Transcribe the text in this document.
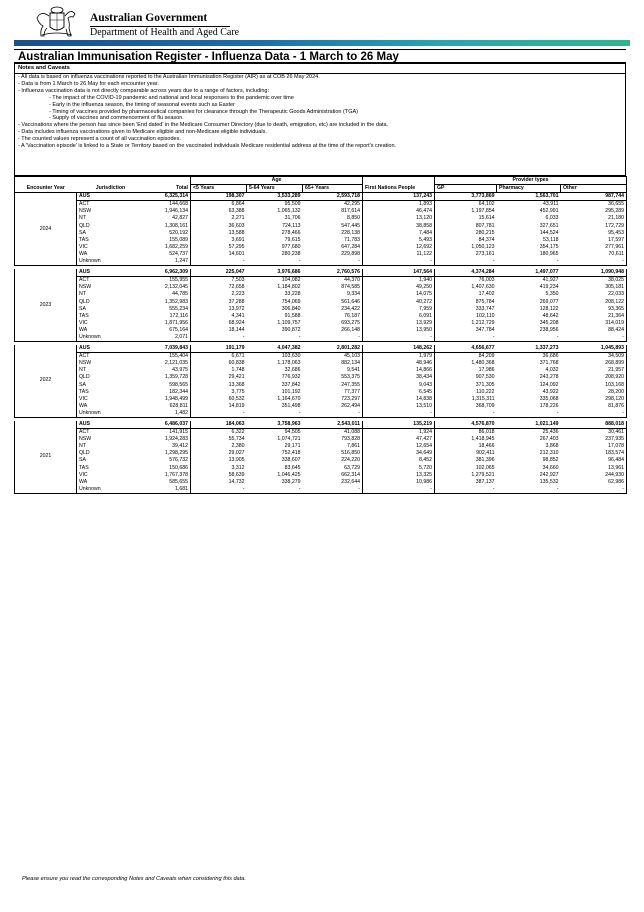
Australian Government
Department of Health and Aged Care
Australian Immunisation Register - Influenza Data - 1 March to 26 May
Notes and Caveats
- All data is based on influenza vaccinations reported to the Australian Immunisation Register (AIR) as at COB 26 May 2024.
- Data is from 1 March to 26 May for each encounter year.
- Influenza vaccination data is not directly comparable across years due to a range of factors, including:
- The impact of the COVID-19 pandemic and national and local responses to the pandemic over time
- Early in the influenza season, the timing of seasonal events such as Easter
- Timing of vaccines provided by pharmaceutical companies for clearance through the Therapeutic Goods Administration (TGA)
- Supply of vaccines and commencement of flu season.
- Vaccinations where the person has since been 'End dated' in the Medicare Consumer Directory (due to death, emigration, etc) are included in the data.
- Data includes influenza vaccinations given to Medicare eligible and non-Medicare eligible individuals.
- The counted values represent a count of all vaccination episodes.
- A 'Vaccination episode' is linked to a State or Territory based on the vaccinated individuals Medicare residential address at the time of the report's creation.
			Age				Provider types		
Encounter Year	Jurisdiction	Total	<5 Years	5-64 Years	65+ Years	First Nations People	GP	Pharmacy	Other
2024	AUS	6,325,314	198,307	3,533,289	2,593,718	137,243	3,773,869	1,563,701	987,744
	ACT	144,668	6,864	95,509	42,295	1,893	64,102	43,911	36,655
	NSW	1,946,134	63,388	1,065,132	817,614	46,474	1,197,854	452,991	295,289
	NT	42,827	2,271	31,706	8,850	13,120	15,614	6,033	21,180
	QLD	1,308,161	36,603	724,113	547,445	38,858	807,781	327,651	172,729
	SA	520,192	13,588	278,466	228,138	7,484	280,215	144,524	95,453
	TAS	155,089	3,691	79,615	71,783	5,493	84,374	53,118	17,597
	VIC	1,682,259	57,295	977,680	647,284	12,692	1,050,123	354,175	277,961
	WA	524,737	14,601	280,238	229,898	11,122	273,161	180,965	70,611
	Unknown	1,247	-	-	-	-	-	-	-

2023	AUS	6,962,309	225,047	3,976,686	2,760,576	147,564	4,374,284	1,497,077	1,090,948
	ACT	155,955	7,503	104,082	44,370	1,940	76,003	41,927	38,025
	NSW	2,132,045	72,658	1,184,802	874,585	49,250	1,407,630	419,234	305,181
	NT	44,785	2,223	33,228	9,334	14,075	17,402	5,350	22,033
	QLD	1,352,983	37,288	754,069	561,646	40,272	875,784	269,077	208,122
	SA	555,234	13,972	306,840	234,422	7,959	333,747	128,122	93,365
	TAS	172,116	4,341	91,588	76,187	6,091	102,110	48,642	21,364
	VIC	1,871,956	68,924	1,109,757	693,275	13,929	1,212,729	345,208	314,019
	WA	675,164	18,144	390,872	266,148	13,950	347,784	238,956	88,424
	Unknown	2,071	-	-	-	-	-	-	-

2022	AUS	7,039,843	191,179	4,047,382	2,801,282	148,262	4,656,677	1,337,273	1,045,893
	ACT	155,404	6,671	103,630	45,103	1,979	84,209	36,686	34,509
	NSW	2,121,035	60,838	1,178,063	882,134	48,946	1,480,368	371,768	268,899
	NT	43,975	1,748	32,686	9,541	14,866	17,986	4,032	21,957
	QLD	1,359,728	29,421	776,932	553,375	38,434	907,530	243,278	208,920
	SA	598,565	13,368	337,842	247,355	9,043	371,305	124,092	103,168
	TAS	182,344	3,775	101,192	77,377	6,545	110,222	43,922	28,200
	VIC	1,948,499	60,532	1,164,670	723,297	14,838	1,315,311	335,068	298,120
	WA	628,811	14,819	351,498	262,494	13,510	368,709	178,226	81,876
	Unknown	1,482	-	-	-	-	-	-	-

2021	AUS	6,486,037	184,063	3,758,963	2,543,011	135,219	4,576,870	1,021,149	888,018
	ACT	141,915	6,322	94,505	41,088	1,924	86,018	25,436	30,461
	NSW	1,924,283	55,734	1,074,721	793,828	47,427	1,418,945	267,403	237,935
	NT	39,412	2,380	29,171	7,861	12,654	18,466	3,868	17,078
	QLD	1,298,295	29,027	752,418	516,850	34,649	902,411	212,310	183,574
	SA	576,732	13,905	338,607	224,220	8,452	381,396	98,852	96,484
	TAS	150,686	3,312	83,645	63,729	5,720	102,065	34,660	13,961
	VIC	1,767,378	58,639	1,046,425	662,314	13,325	1,279,521	242,927	244,930
	WA	585,655	14,732	338,279	232,644	10,986	387,137	135,532	62,986
	Unknown	1,681	-	-	-	-	-	-	-
Please ensure you read the corresponding Notes and Caveats when considering this data.
